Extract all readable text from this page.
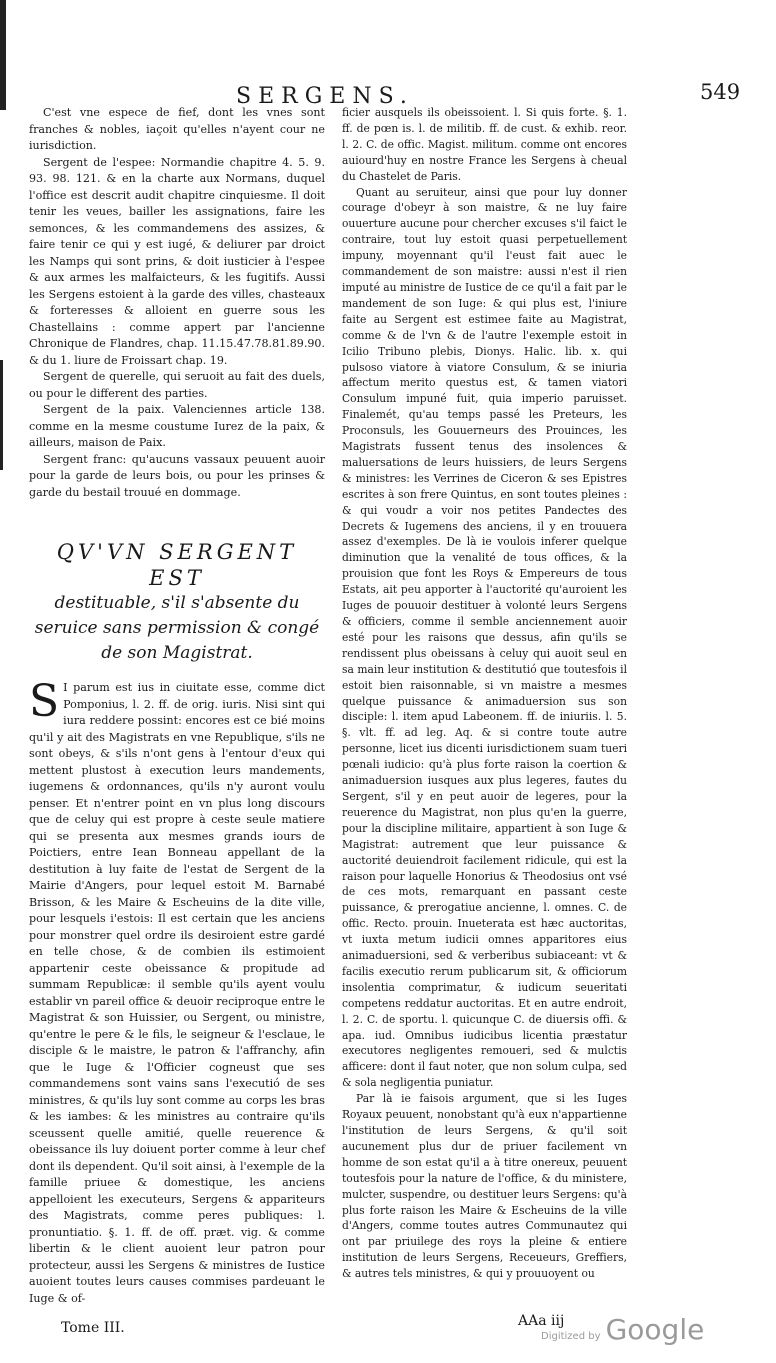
SERGENS.	549

C'est vne espece de fief, dont les vnes sont franches & nobles, iaçoit qu'elles n'ayent cour ne iurisdiction.

Sergent de l'espee: Normandie chapitre 4. 5. 9. 93. 98. 121. & en la charte aux Normans, duquel l'office est descrit audit chapitre cinquiesme. Il doit tenir les veues, bailler les assignations, faire les semonces, & les commandemens des assizes, & faire tenir ce qui y est iugé, & deliurer par droict les Namps qui sont prins, & doit iusticier à l'espee & aux armes les malfaicteurs, & les fugitifs. Aussi les Sergens estoient à la garde des villes, chasteaux & forteresses & alloient en guerre sous les Chastellains : comme appert par l'ancienne Chronique de Flandres, chap. 11.15.47.78.81.89.90. & du 1. liure de Froissart chap. 19.

Sergent de querelle, qui seruoit au fait des duels, ou pour le different des parties.

Sergent de la paix. Valenciennes article 138. comme en la mesme coustume Iurez de la paix, & ailleurs, maison de Paix.

Sergent franc: qu'aucuns vassaux peuuent auoir pour la garde de leurs bois, ou pour les prinses & garde du bestail trouué en dommage.

QV'VN SERGENT EST
destituable, s'il s'absente du seruice sans permission & congé de son Magistrat.

S I parum est ius in ciuitate esse, comme dict Pomponius, l. 2. ff. de orig. iuris. Nisi sint qui iura reddere possint: encores est ce bié moins qu'il y ait des Magistrats en vne Republique, s'ils ne sont obeys, & s'ils n'ont gens à l'entour d'eux qui mettent plustost à execution leurs mandements, iugemens & ordonnances, qu'ils n'y auront voulu penser. Et n'entrer point en vn plus long discours que de celuy qui est propre à ceste seule matiere qui se presenta aux mesmes grands iours de Poictiers, entre Iean Bonneau appellant de la destitution à luy faite de l'estat de Sergent de la Mairie d'Angers, pour lequel estoit M. Barnabé Brisson, & les Maire & Escheuins de la dite ville, pour lesquels i'estois: Il est certain que les anciens pour monstrer quel ordre ils desiroient estre gardé en telle chose, & de combien ils estimoient appartenir ceste obeissance & propitude ad summam Republicæ: il semble qu'ils ayent voulu establir vn pareil office & deuoir reciproque entre le Magistrat & son Huissier, ou Sergent, ou ministre, qu'entre le pere & le fils, le seigneur & l'esclaue, le disciple & le maistre, le patron & l'affranchy, afin que le Iuge & l'Officier cogneust que ses commandemens sont vains sans l'executió de ses ministres, & qu'ils luy sont comme au corps les bras & les iambes: & les ministres au contraire qu'ils sceussent quelle amitié, quelle reuerence & obeissance ils luy doiuent porter comme à leur chef dont ils dependent. Qu'il soit ainsi, à l'exemple de la famille priuee & domestique, les anciens appelloient les executeurs, Sergens & appariteurs des Magistrats, comme peres publiques: l. pronuntiatio. §. 1. ff. de off. præt. vig. & comme libertin & le client auoient leur patron pour protecteur, aussi les Sergens & ministres de Iustice auoient toutes leurs causes commises pardeuant le Iuge & of-

ficier ausquels ils obeissoient. l. Si quis forte. §. 1. ff. de pœn is. l. de militib. ff. de cust. & exhib. reor. l. 2. C. de offic. Magist. militum. comme ont encores auiourd'huy en nostre France les Sergens à cheual du Chastelet de Paris.

Quant au seruiteur, ainsi que pour luy donner courage d'obeyr à son maistre, & ne luy faire ouuerture aucune pour chercher excuses s'il faict le contraire, tout luy estoit quasi perpetuellement impuny, moyennant qu'il l'eust fait auec le commandement de son maistre: aussi n'est il rien imputé au ministre de Iustice de ce qu'il a fait par le mandement de son Iuge: & qui plus est, l'iniure faite au Sergent est estimee faite au Magistrat, comme & de l'vn & de l'autre l'exemple estoit in Icilio Tribuno plebis, Dionys. Halic. lib. x. qui pulsoso viatore à viatore Consulum, & se iniuria affectum merito questus est, & tamen viatori Consulum impuné fuit, quia imperio paruisset. Finalemét, qu'au temps passé les Preteurs, les Proconsuls, les Gouuerneurs des Prouinces, les Magistrats fussent tenus des insolences & maluersations de leurs huissiers, de leurs Sergens & ministres: les Verrines de Ciceron & ses Epistres escrites à son frere Quintus, en sont toutes pleines : & qui voudr a voir nos petites Pandectes des Decrets & Iugemens des anciens, il y en trouuera assez d'exemples. De là ie voulois inferer quelque diminution que la venalité de tous offices, & la prouision que font les Roys & Empereurs de tous Estats, ait peu apporter à l'auctorité qu'auroient les Iuges de pouuoir destituer à volonté leurs Sergens & officiers, comme il semble anciennement auoir esté pour les raisons que dessus, afin qu'ils se rendissent plus obeissans à celuy qui auoit seul en sa main leur institution & destitutió que toutesfois il estoit bien raisonnable, si vn maistre a mesmes quelque puissance & animaduersion sus son disciple: l. item apud Labeonem. ff. de iniuriis. l. 5. §. vlt. ff. ad leg. Aq. & si contre toute autre personne, licet ius dicenti iurisdictionem suam tueri pœnali iudicio: qu'à plus forte raison la coertion & animaduersion iusques aux plus legeres, fautes du Sergent, s'il y en peut auoir de legeres, pour la reuerence du Magistrat, non plus qu'en la guerre, pour la discipline militaire, appartient à son Iuge & Magistrat: autrement que leur puissance & auctorité deuiendroit facilement ridicule, qui est la raison pour laquelle Honorius & Theodosius ont vsé de ces mots, remarquant en passant ceste puissance, & prerogatiue ancienne, l. omnes. C. de offic. Recto. prouin. Inueterata est hæc auctoritas, vt iuxta metum iudicii omnes apparitores eius animaduersioni, sed & verberibus subiaceant: vt & facilis executio rerum publicarum sit, & officiorum insolentia comprimatur, & iudicum seueritati competens reddatur auctoritas. Et en autre endroit, l. 2. C. de sportu. l. quicunque C. de diuersis offi. & apa. iud. Omnibus iudicibus licentia præstatur executores negligentes remoueri, sed & mulctis afficere: dont il faut noter, que non solum culpa, sed & sola negligentia puniatur.

Par là ie faisois argument, que si les Iuges Royaux peuuent, nonobstant qu'à eux n'appartienne l'institution de leurs Sergens, & qu'il soit aucunement plus dur de priuer facilement vn homme de son estat qu'il a à titre onereux, peuuent toutesfois pour la nature de l'office, & du ministere, mulcter, suspendre, ou destituer leurs Sergens: qu'à plus forte raison les Maire & Escheuins de la ville d'Angers, comme toutes autres Communautez qui ont par priuilege des roys la pleine & entiere institution de leurs Sergens, Receueurs, Greffiers, & autres tels ministres, & qui y prouuoyent ou

Tome III.	AAa iij
Digitized by Google
